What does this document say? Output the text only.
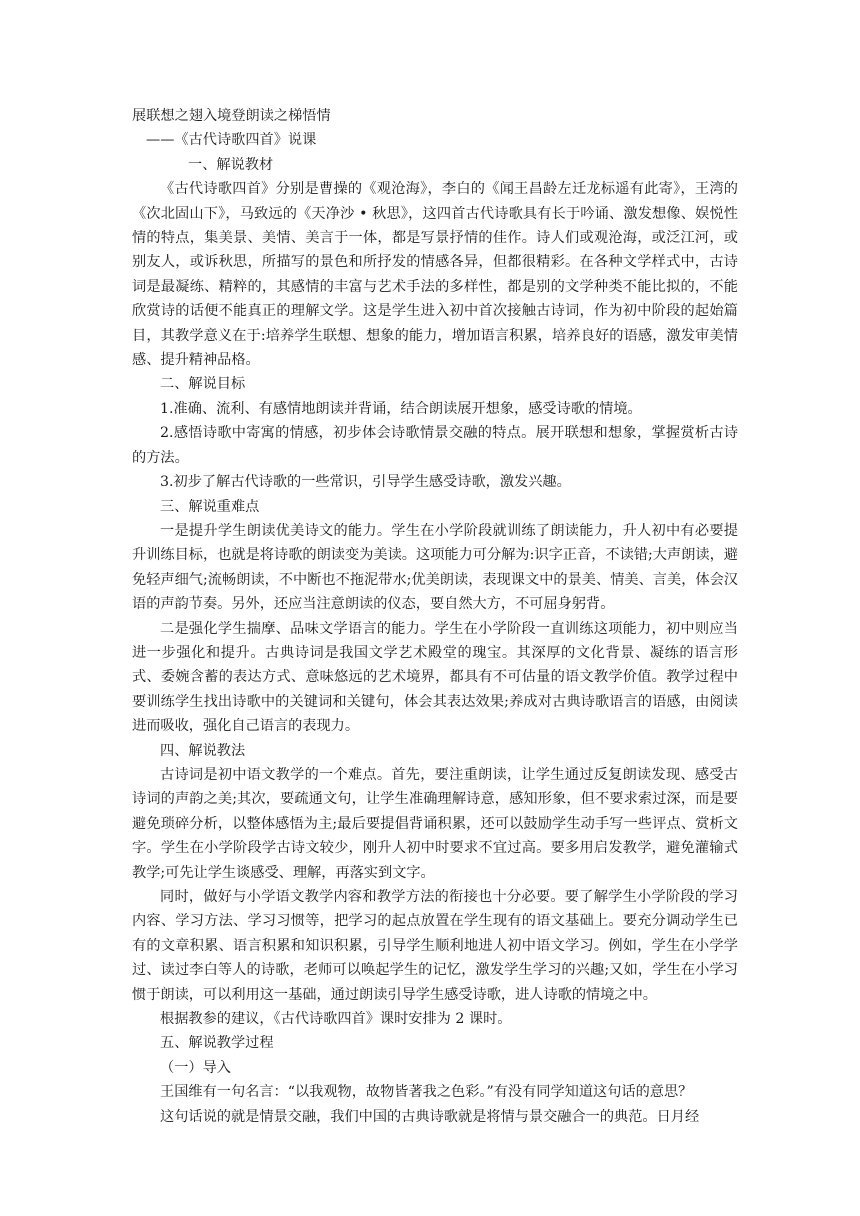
展联想之翅入境登朗读之梯悟情

——《古代诗歌四首》说课

一、解说教材

《古代诗歌四首》分别是曹操的《观沧海》，李白的《闻王昌龄左迁龙标遥有此寄》，王湾的《次北固山下》，马致远的《天净沙 • 秋思》，这四首古代诗歌具有长于吟诵、激发想像、娱悦性情的特点，集美景、美情、美言于一体，都是写景抒情的佳作。诗人们或观沧海，或泛江河，或别友人，或诉秋思，所描写的景色和所抒发的情感各异，但都很精彩。在各种文学样式中，古诗词是最凝练、精粹的，其感情的丰富与艺术手法的多样性，都是别的文学种类不能比拟的，不能欣赏诗的话便不能真正的理解文学。这是学生进入初中首次接触古诗词，作为初中阶段的起始篇目，其教学意义在于:培养学生联想、想象的能力，增加语言积累，培养良好的语感，激发审美情感、提升精神品格。

二、解说目标

1.准确、流利、有感情地朗读并背诵，结合朗读展开想象，感受诗歌的情境。

2.感悟诗歌中寄寓的情感，初步体会诗歌情景交融的特点。展开联想和想象，掌握赏析古诗的方法。

3.初步了解古代诗歌的一些常识，引导学生感受诗歌，激发兴趣。

三、解说重难点

一是提升学生朗读优美诗文的能力。学生在小学阶段就训练了朗读能力，升人初中有必要提升训练目标，也就是将诗歌的朗读变为美读。这项能力可分解为:识字正音，不读错;大声朗读，避免轻声细气;流畅朗读，不中断也不拖泥带水;优美朗读，表现课文中的景美、情美、言美，体会汉语的声韵节奏。另外，还应当注意朗读的仪态，要自然大方，不可屈身躬背。

二是强化学生揣摩、品味文学语言的能力。学生在小学阶段一直训练这项能力，初中则应当进一步强化和提升。古典诗词是我国文学艺术殿堂的瑰宝。其深厚的文化背景、凝练的语言形式、委婉含蓄的表达方式、意味悠远的艺术境界，都具有不可估量的语文教学价值。教学过程中要训练学生找出诗歌中的关键词和关键句，体会其表达效果;养成对古典诗歌语言的语感，由阅读进而吸收，强化自己语言的表现力。

四、解说教法

古诗词是初中语文教学的一个难点。首先，要注重朗读，让学生通过反复朗读发现、感受古诗词的声韵之美;其次，要疏通文句，让学生准确理解诗意，感知形象，但不要求索过深，而是要避免琐碎分析，以整体感悟为主;最后要提倡背诵积累，还可以鼓励学生动手写一些评点、赏析文字。学生在小学阶段学古诗文较少，刚升人初中时要求不宜过高。要多用启发教学，避免灌输式教学;可先让学生谈感受、理解，再落实到文字。

同时，做好与小学语文教学内容和教学方法的衔接也十分必要。要了解学生小学阶段的学习内容、学习方法、学习习惯等，把学习的起点放置在学生现有的语文基础上。要充分调动学生已有的文章积累、语言积累和知识积累，引导学生顺利地进人初中语文学习。例如，学生在小学学过、读过李白等人的诗歌，老师可以唤起学生的记忆，激发学生学习的兴趣;又如，学生在小学习惯于朗读，可以利用这一基础，通过朗读引导学生感受诗歌，进人诗歌的情境之中。

根据教参的建议，《古代诗歌四首》课时安排为 2 课时。

五、解说教学过程

（一）导入

王国维有一句名言：“以我观物，故物皆著我之色彩。”有没有同学知道这句话的意思？

这句话说的就是情景交融，我们中国的古典诗歌就是将情与景交融合一的典范。日月经
